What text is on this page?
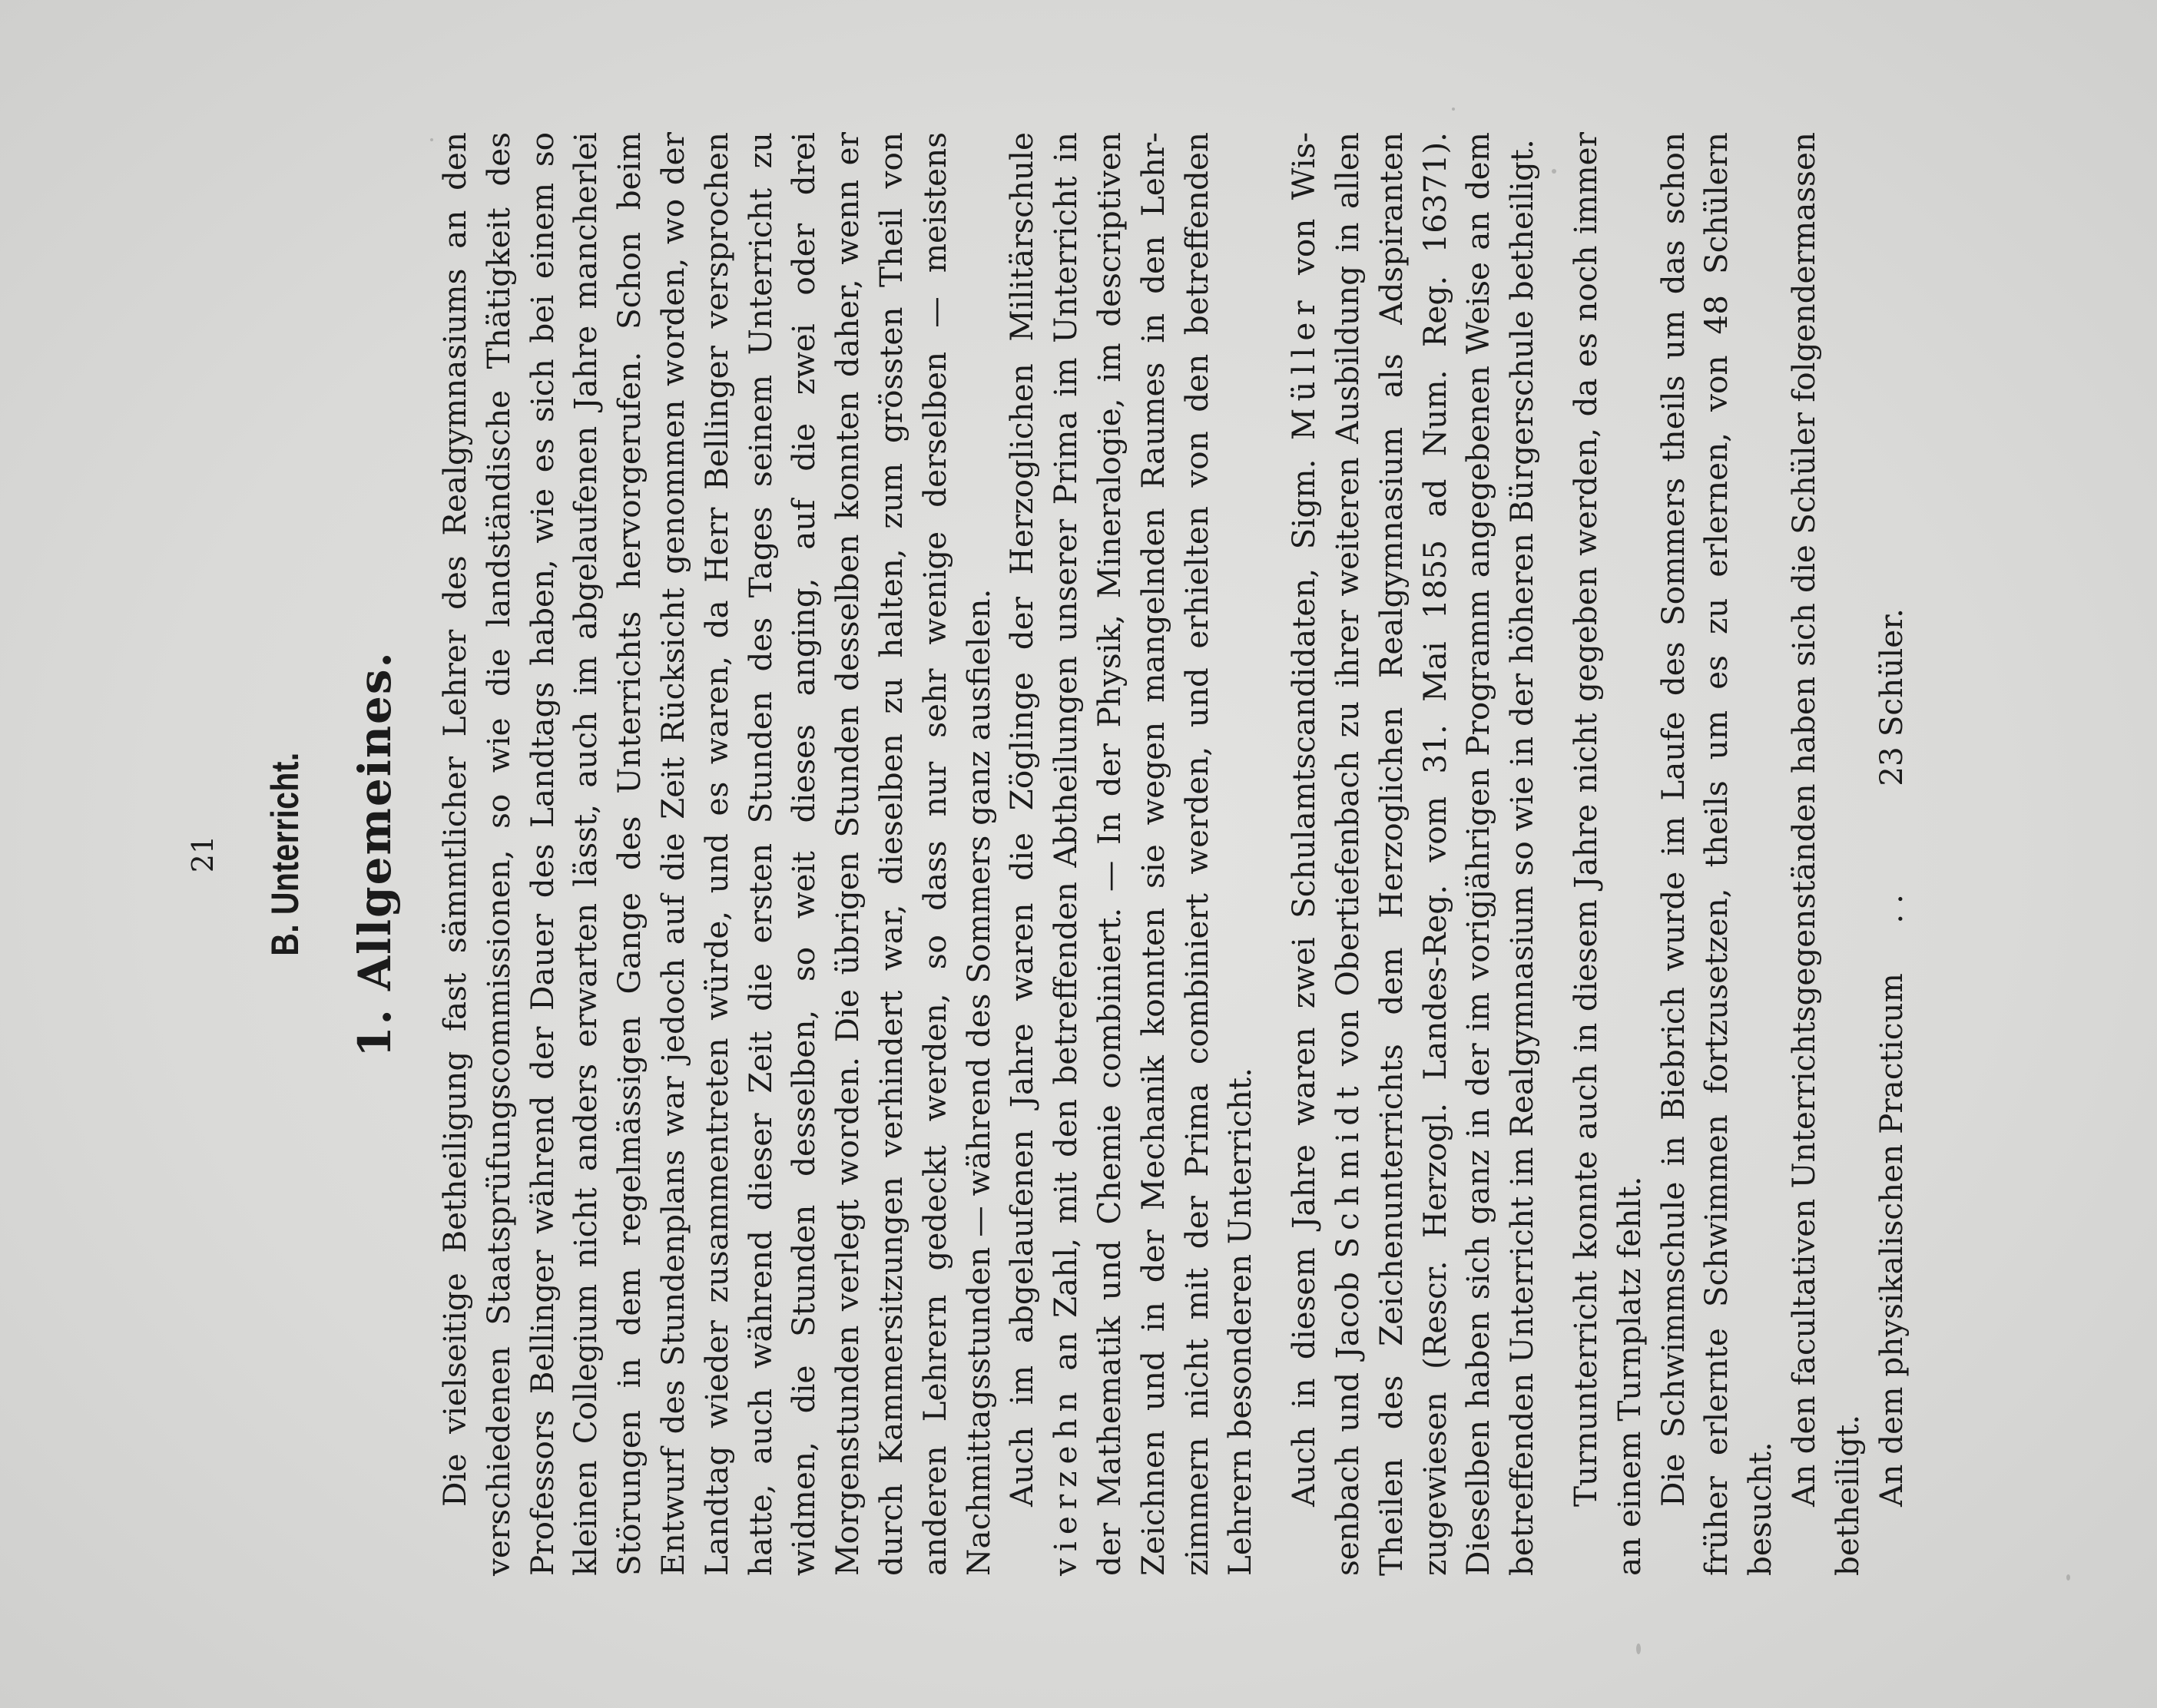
21 B. Unterricht. 1. Allgemeines. Die vielseitige Betheiligung fast sämmtlicher Lehrer des Realgymnasiums an den verschiedenen Staatsprüfungscommissionen, so wie die landständische Thätigkeit des Professors Bellinger während der Dauer des Landtags haben, wie es sich bei einem so kleinen Collegium nicht anders erwarten lässt, auch im abgelaufenen Jahre mancherlei Störungen in dem regelmässigen Gange des Unterrichts hervorgerufen. Schon beim Entwurf des Stundenplans war jedoch auf die Zeit Rücksicht genommen worden, wo der Landtag wieder zusammentreten würde, und es waren, da Herr Bellinger versprochen hatte, auch während dieser Zeit die ersten Stunden des Tages seinem Unterricht zu widmen, die Stunden desselben, so weit dieses anging, auf die zwei oder drei Morgenstunden verlegt worden. Die übrigen Stunden desselben konnten daher, wenn er durch Kammersitzungen verhindert war, dieselben zu halten, zum grössten Theil von anderen Lehrern gedeckt werden, so dass nur sehr wenige derselben — meistens Nachmittagsstunden — während des Sommers ganz ausfielen. Auch im abgelaufenen Jahre waren die Zöglinge der Herzoglichen Militärschule vierzehn an Zahl, mit den betreffenden Abtheilungen unserer Prima im Unterricht in der Mathematik und Chemie combiniert. — In der Physik, Mineralogie, im descriptiven Zeichnen und in der Mechanik konnten sie wegen mangelnden Raumes in den Lehrzimmern nicht mit der Prima combiniert werden, und erhielten von den betreffenden Lehrern besonderen Unterricht. Auch in diesem Jahre waren zwei Schulamtscandidaten, Sigm. Müller von Wissenbach und Jacob Schmidt von Obertiefenbach zu ihrer weiteren Ausbildung in allen Theilen des Zeichenunterrichts dem Herzoglichen Realgymnasium als Adspiranten zugewiesen (Rescr. Herzogl. Landes-Reg. vom 31. Mai 1855 ad Num. Reg. 16371). Dieselben haben sich ganz in der im vorigjährigen Programm angegebenen Weise an dem betreffenden Unterricht im Realgymnasium so wie in der höheren Bürgerschule betheiligt. Turnunterricht konnte auch in diesem Jahre nicht gegeben werden, da es noch immer an einem Turnplatz fehlt. Die Schwimmschule in Biebrich wurde im Laufe des Sommers theils um das schon früher erlernte Schwimmen fortzusetzen, theils um es zu erlernen, von 48 Schülern besucht.

An den facultativen Unterrichtsgegenständen haben sich die Schüler folgendermassen betheiligt. An dem physikalischen Practicum     . .
23 Schüler.
